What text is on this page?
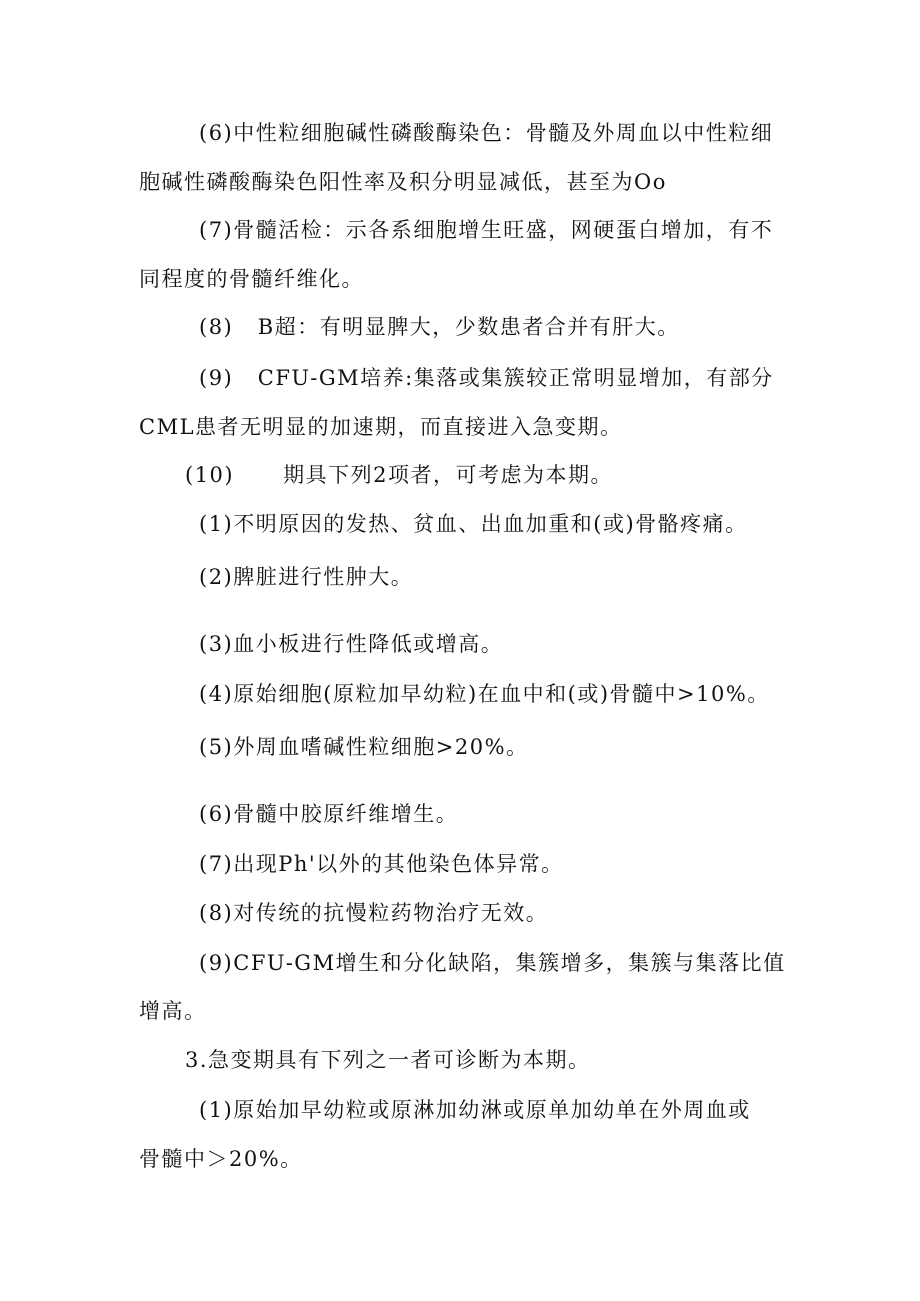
(6)中性粒细胞碱性磷酸酶染色：骨髓及外周血以中性粒细
胞碱性磷酸酶染色阳性率及积分明显减低，甚至为Oo
(7)骨髓活检：示各系细胞增生旺盛，网硬蛋白增加，有不
同程度的骨髓纤维化。
(8)   B超：有明显脾大，少数患者合并有肝大。
(9)   CFU-GM培养:集落或集簇较正常明显增加，有部分
CML患者无明显的加速期，而直接进入急变期。
(10)      期具下列2项者，可考虑为本期。
(1)不明原因的发热、贫血、出血加重和(或)骨骼疼痛。
(2)脾脏进行性肿大。
(3)血小板进行性降低或增高。
(4)原始细胞(原粒加早幼粒)在血中和(或)骨髓中>10%。
(5)外周血嗜碱性粒细胞>20%。
(6)骨髓中胶原纤维增生。
(7)出现Ph'以外的其他染色体异常。
(8)对传统的抗慢粒药物治疗无效。
(9)CFU-GM增生和分化缺陷，集簇增多，集簇与集落比值
增高。
3.急变期具有下列之一者可诊断为本期。
(1)原始加早幼粒或原淋加幼淋或原单加幼单在外周血或
骨髓中＞20%。
